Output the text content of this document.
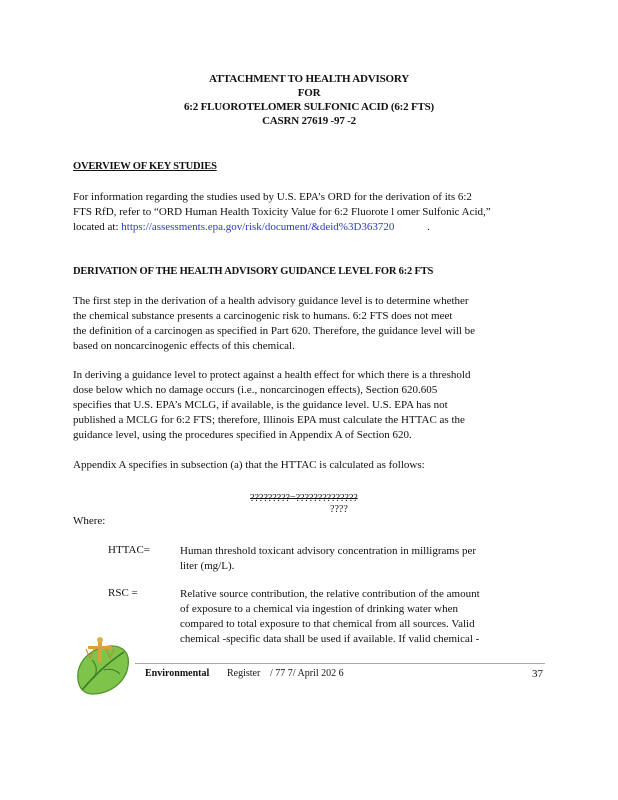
ATTACHMENT TO HEALTH ADVISORY
FOR
6:2 FLUOROTELOMER SULFONIC ACID (6:2 FTS)
CASRN 27619 -97 -2
OVERVIEW OF KEY STUDIES
For information regarding the studies used by U.S. EPA’s ORD for the derivation of its 6:2
FTS RfD, refer to “ORD Human Health Toxicity Value for 6:2 Fluorote l omer Sulfonic Acid,”
located at: https://assessments.epa.gov/risk/document/&deid%3D363720	.
DERIVATION OF THE HEALTH ADVISORY GUIDANCE LEVEL FOR 6:2 FTS
The first step in the derivation of a health advisory guidance level is to determine whether
the chemical substance presents a carcinogenic risk to humans. 6:2 FTS does not meet
the definition of a carcinogen as specified in Part 620. Therefore, the guidance level will be
based on noncarcinogenic effects of this chemical.
In deriving a guidance level to protect against a health effect for which there is a threshold
dose below which no damage occurs (i.e., noncarcinogen effects), Section 620.605
specifies that U.S. EPA’s MCLG, if available, is the guidance level. U.S. EPA has not
published a MCLG for 6:2 FTS; therefore, Illinois EPA must calculate the HTTAC as the
guidance level, using the procedures specified in Appendix A of Section 620.
Appendix A specifies in subsection (a) that the HTTAC is calculated as follows:
?????????=??????????????
????
Where:
HTTAC=	Human threshold toxicant advisory concentration in milligrams per
liter (mg/L).
RSC =	Relative source contribution, the relative contribution of the amount
of exposure to a chemical via ingestion of drinking water when
compared to total exposure to that chemical from all sources. Valid
chemical -specific data shall be used if available. If valid chemical -
Environmental Register / 77 7/ April 202 6	37
